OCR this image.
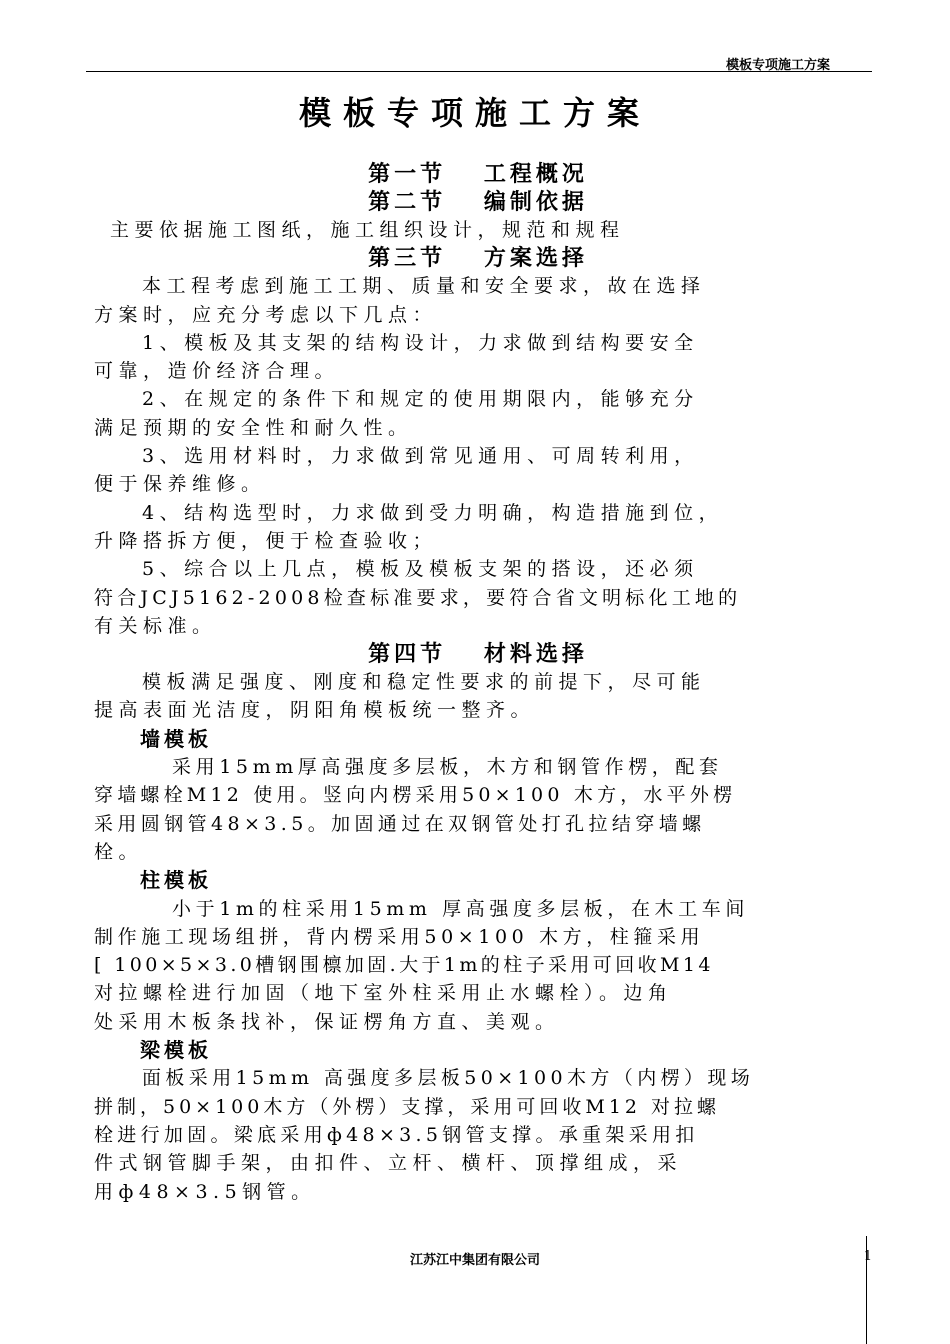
模板专项施工方案
模板专项施工方案
第一节　 工程概况
第二节　 编制依据
主要依据施工图纸，施工组织设计，规范和规程
第三节　 方案选择
本工程考虑到施工工期、质量和安全要求，故在选择
方案时，应充分考虑以下几点：
1、模板及其支架的结构设计，力求做到结构要安全
可靠，造价经济合理。
2、在规定的条件下和规定的使用期限内，能够充分
满足预期的安全性和耐久性。
3、选用材料时，力求做到常见通用、可周转利用，
便于保养维修。
4、结构选型时，力求做到受力明确，构造措施到位，
升降搭拆方便，便于检查验收；
5、综合以上几点，模板及模板支架的搭设，还必须
符合JCJ5162-2008检查标准要求，要符合省文明标化工地的
有关标准。
第四节　 材料选择
模板满足强度、刚度和稳定性要求的前提下，尽可能
提高表面光洁度，阴阳角模板统一整齐。
墙模板
采用15mm厚高强度多层板，木方和钢管作楞，配套
穿墙螺栓M12 使用。竖向内楞采用50×100 木方，水平外楞
采用圆钢管48×3.5。加固通过在双钢管处打孔拉结穿墙螺
栓。
柱模板
小于1m的柱采用15mm 厚高强度多层板，在木工车间
制作施工现场组拼，背内楞采用50×100 木方，柱箍采用
[ 100×5×3.0槽钢围檩加固.大于1m的柱子采用可回收M14
对拉螺栓进行加固（地下室外柱采用止水螺栓）。边角
处采用木板条找补，保证楞角方直、美观。
梁模板
面板采用15mm 高强度多层板50×100木方（内楞）现场
拼制，50×100木方（外楞）支撑，采用可回收M12 对拉螺
栓进行加固。梁底采用ф48×3.5钢管支撑。承重架采用扣
件式钢管脚手架，由扣件、立杆、横杆、顶撑组成，采
用ф48×3.5钢管。
江苏江中集团有限公司	1
